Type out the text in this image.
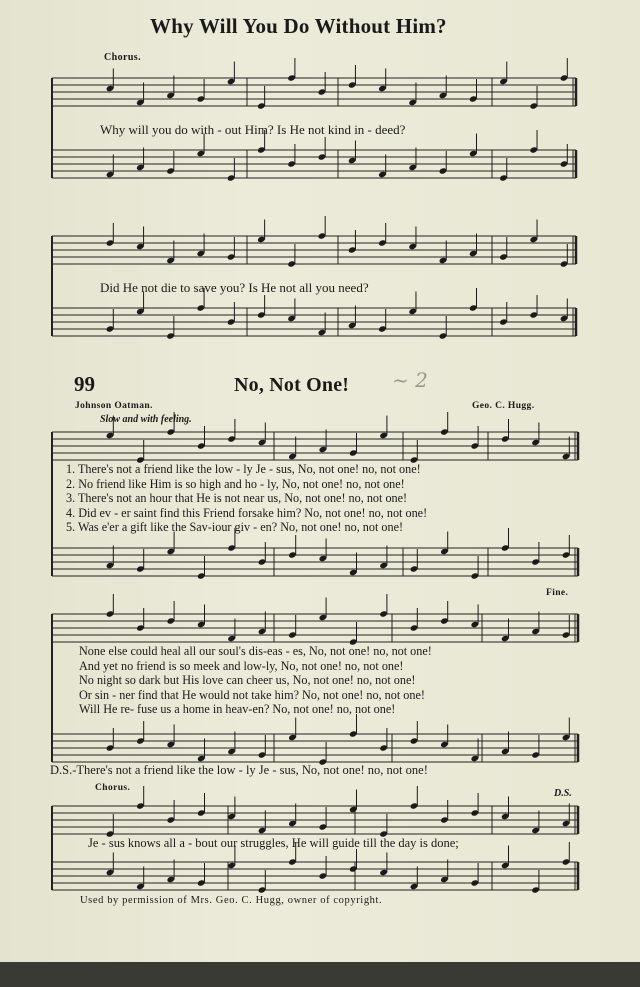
Why Will You Do Without Him?
Chorus.
Why will you do with - out Him? Is He not kind in - deed?
Did He not die to save you? Is He not all you need?
99	No, Not One! ~ 2
Johnson Oatman.	Geo. C. Hugg.
Slow and with feeling.
1. There's not a friend like the low - ly Je - sus, No, not one! no, not one!
2. No friend like Him is so high and ho - ly, No, not one! no, not one!
3. There's not an hour that He is not near us, No, not one! no, not one!
4. Did ev - er saint find this Friend forsake him? No, not one! no, not one!
5. Was e'er a gift like the Sav-iour giv - en? No, not one! no, not one!
Fine.
None else could heal all our soul's dis-eas - es, No, not one! no, not one!
And yet no friend is so meek and low-ly, No, not one! no, not one!
No night so dark but His love can cheer us, No, not one! no, not one!
Or sin - ner find that He would not take him? No, not one! no, not one!
Will He re- fuse us a home in heav-en? No, not one! no, not one!
D.S.-There's not a friend like the low - ly Je - sus, No, not one! no, not one!
Chorus.	D.S.
Je - sus knows all a - bout our struggles, He will guide till the day is done;
Used by permission of Mrs. Geo. C. Hugg, owner of copyright.
